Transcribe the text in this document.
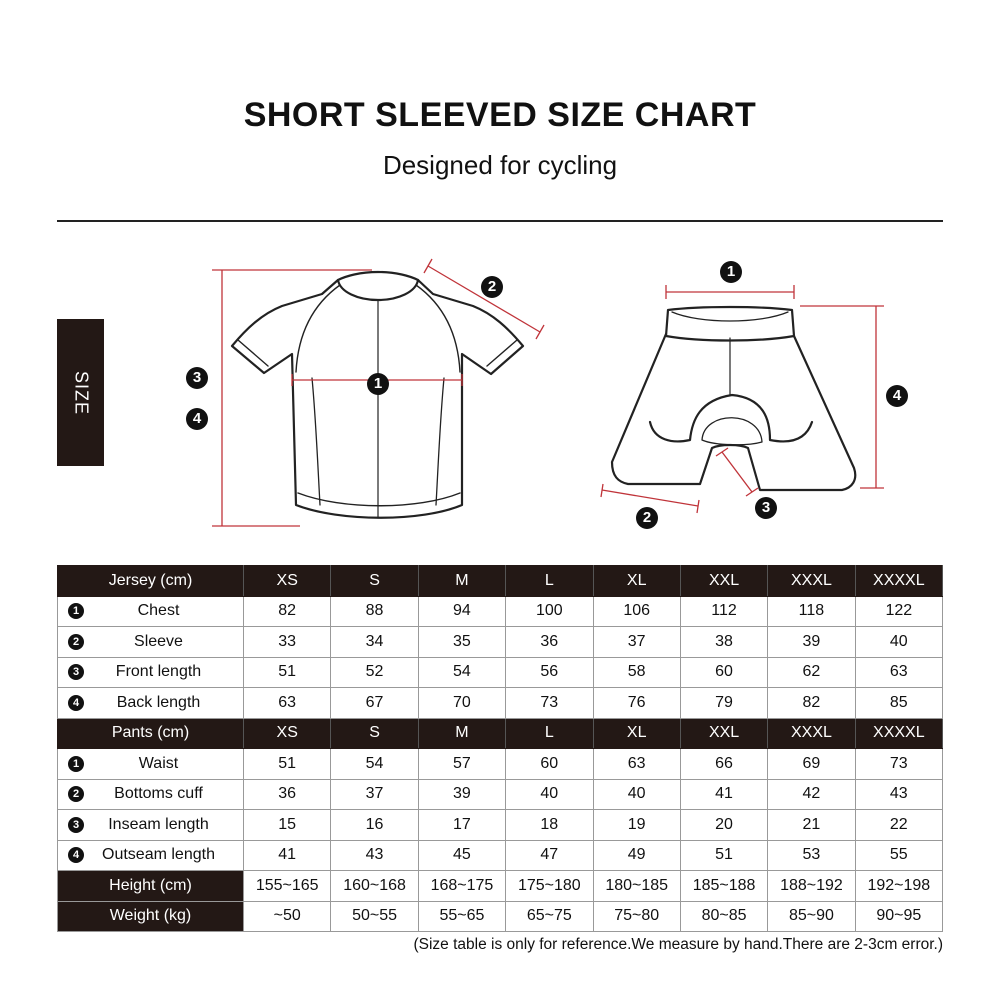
SHORT SLEEVED SIZE CHART
Designed for cycling
SIZE	1
2
3
4
1
2
3
4
Jersey (cm)	XS	S	M	L	XL	XXL	XXXL	XXXXL

1 Chest	82	88	94	100	106	112	118	122

2 Sleeve	33	34	35	36	37	38	39	40

3 Front length	51	52	54	56	58	60	62	63

4 Back length	63	67	70	73	76	79	82	85
Pants (cm)	XS	S	M	L	XL	XXL	XXXL	XXXXL

1 Waist	51	54	57	60	63	66	69	73

2 Bottoms cuff	36	37	39	40	40	41	42	43

3 Inseam length	15	16	17	18	19	20	21	22

4 Outseam length	41	43	45	47	49	51	53	55
Height (cm)	155~165	160~168	168~175	175~180	180~185	185~188	188~192	192~198
Weight (kg)	~50	50~55	55~65	65~75	75~80	80~85	85~90	90~95
(Size table is only for reference.We measure by hand.There are 2-3cm error.)
